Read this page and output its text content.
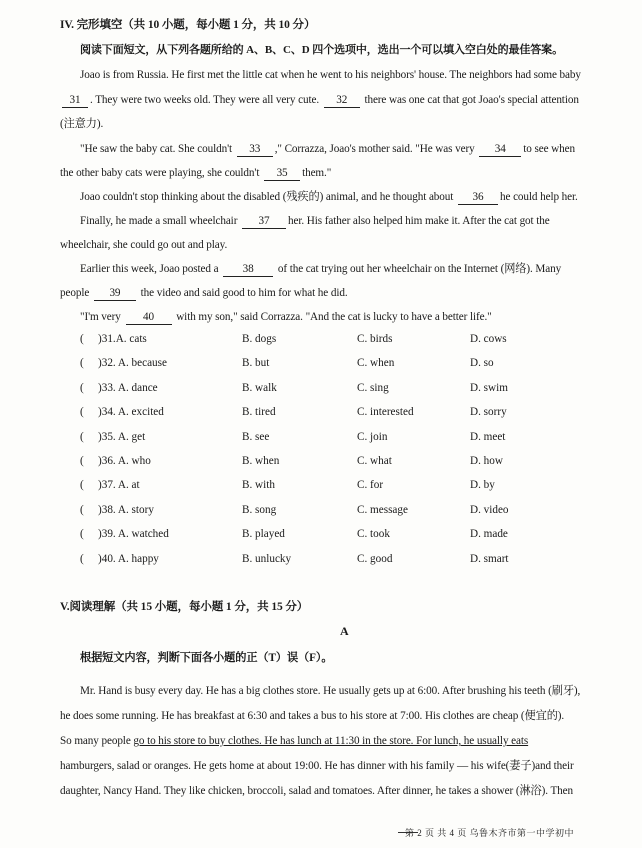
IV. 完形填空（共 10 小题，每小题 1 分，共 10 分）
阅读下面短文，从下列各题所给的 A、B、C、D 四个选项中，选出一个可以填入空白处的最佳答案。
Joao is from Russia. He first met the little cat when he went to his neighbors' house. The neighbors had some baby
31 . They were two weeks old. They were all very cute. 32 there was one cat that got Joao's special attention
(注意力).
"He saw the baby cat. She couldn't 33 ," Corrazza, Joao's mother said. "He was very 34 to see when
the other baby cats were playing, she couldn't 35 them."
Joao couldn't stop thinking about the disabled (残疾的) animal, and he thought about 36 he could help her.
Finally, he made a small wheelchair 37 her. His father also helped him make it. After the cat got the
wheelchair, she could go out and play.
Earlier this week, Joao posted a 38 of the cat trying out her wheelchair on the Internet (网络). Many
people 39 the video and said good to him for what he did.
"I'm very 40 with my son," said Corrazza. "And the cat is lucky to have a better life."
( )31.A. cats	B. dogs	C. birds	D. cows
( )32. A. because	B. but	C. when	D. so
( )33. A. dance	B. walk	C. sing	D. swim
( )34. A. excited	B. tired	C. interested	D. sorry
( )35. A. get	B. see	C. join	D. meet
( )36. A. who	B. when	C. what	D. how
( )37. A. at	B. with	C. for	D. by
( )38. A. story	B. song	C. message	D. video
( )39. A. watched	B. played	C. took	D. made
( )40. A. happy	B. unlucky	C. good	D. smart
V.阅读理解（共 15 小题，每小题 1 分，共 15 分）
A
根据短文内容，判断下面各小题的正（T）误（F）。
Mr. Hand is busy every day. He has a big clothes store. He usually gets up at 6:00. After brushing his teeth (刷牙),
he does some running. He has breakfast at 6:30 and takes a bus to his store at 7:00. His clothes are cheap (便宜的).
So many people go to his store to buy clothes. He has lunch at 11:30 in the store. For lunch, he usually eats
hamburgers, salad or oranges. He gets home at about 19:00. He has dinner with his family — his wife(妻子)and their
daughter, Nancy Hand. They like chicken, broccoli, salad and tomatoes. After dinner, he takes a shower (淋浴). Then
第 2 页 共 4 页 乌鲁木齐市第一中学初中
